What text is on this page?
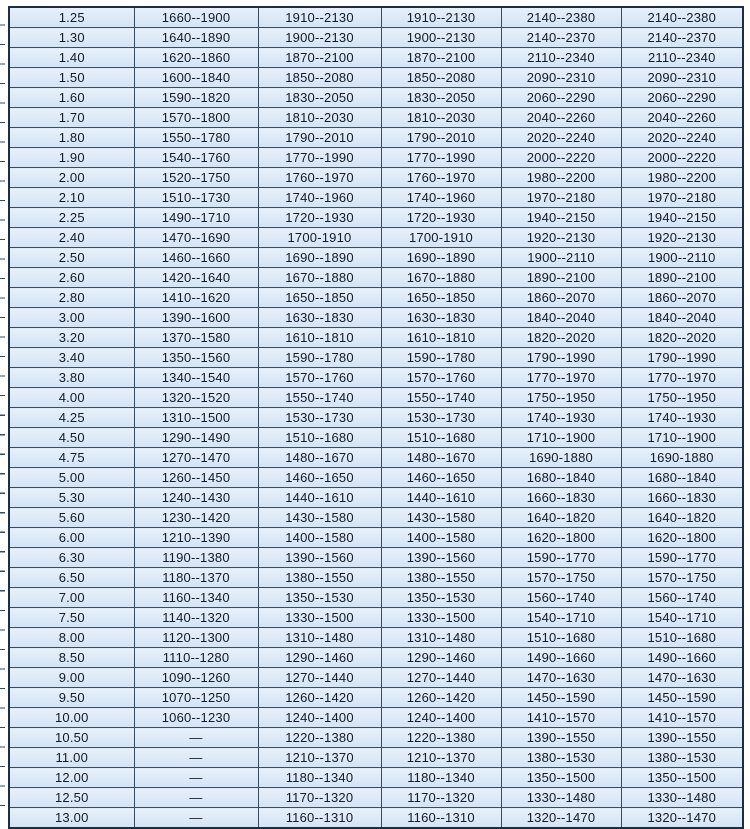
1.25	1660--1900	1910--2130	1910--2130	2140--2380	2140--2380
1.30	1640--1890	1900--2130	1900--2130	2140--2370	2140--2370
1.40	1620--1860	1870--2100	1870--2100	2110--2340	2110--2340
1.50	1600--1840	1850--2080	1850--2080	2090--2310	2090--2310
1.60	1590--1820	1830--2050	1830--2050	2060--2290	2060--2290
1.70	1570--1800	1810--2030	1810--2030	2040--2260	2040--2260
1.80	1550--1780	1790--2010	1790--2010	2020--2240	2020--2240
1.90	1540--1760	1770--1990	1770--1990	2000--2220	2000--2220
2.00	1520--1750	1760--1970	1760--1970	1980--2200	1980--2200
2.10	1510--1730	1740--1960	1740--1960	1970--2180	1970--2180
2.25	1490--1710	1720--1930	1720--1930	1940--2150	1940--2150
2.40	1470--1690	1700-1910	1700-1910	1920--2130	1920--2130
2.50	1460--1660	1690--1890	1690--1890	1900--2110	1900--2110
2.60	1420--1640	1670--1880	1670--1880	1890--2100	1890--2100
2.80	1410--1620	1650--1850	1650--1850	1860--2070	1860--2070
3.00	1390--1600	1630--1830	1630--1830	1840--2040	1840--2040
3.20	1370--1580	1610--1810	1610--1810	1820--2020	1820--2020
3.40	1350--1560	1590--1780	1590--1780	1790--1990	1790--1990
3.80	1340--1540	1570--1760	1570--1760	1770--1970	1770--1970
4.00	1320--1520	1550--1740	1550--1740	1750--1950	1750--1950
4.25	1310--1500	1530--1730	1530--1730	1740--1930	1740--1930
4.50	1290--1490	1510--1680	1510--1680	1710--1900	1710--1900
4.75	1270--1470	1480--1670	1480--1670	1690-1880	1690-1880
5.00	1260--1450	1460--1650	1460--1650	1680--1840	1680--1840
5.30	1240--1430	1440--1610	1440--1610	1660--1830	1660--1830
5.60	1230--1420	1430--1580	1430--1580	1640--1820	1640--1820
6.00	1210--1390	1400--1580	1400--1580	1620--1800	1620--1800
6.30	1190--1380	1390--1560	1390--1560	1590--1770	1590--1770
6.50	1180--1370	1380--1550	1380--1550	1570--1750	1570--1750
7.00	1160--1340	1350--1530	1350--1530	1560--1740	1560--1740
7.50	1140--1320	1330--1500	1330--1500	1540--1710	1540--1710
8.00	1120--1300	1310--1480	1310--1480	1510--1680	1510--1680
8.50	1110--1280	1290--1460	1290--1460	1490--1660	1490--1660
9.00	1090--1260	1270--1440	1270--1440	1470--1630	1470--1630
9.50	1070--1250	1260--1420	1260--1420	1450--1590	1450--1590
10.00	1060--1230	1240--1400	1240--1400	1410--1570	1410--1570
10.50	—	1220--1380	1220--1380	1390--1550	1390--1550
11.00	—	1210--1370	1210--1370	1380--1530	1380--1530
12.00	—	1180--1340	1180--1340	1350--1500	1350--1500
12.50	—	1170--1320	1170--1320	1330--1480	1330--1480
13.00	—	1160--1310	1160--1310	1320--1470	1320--1470
